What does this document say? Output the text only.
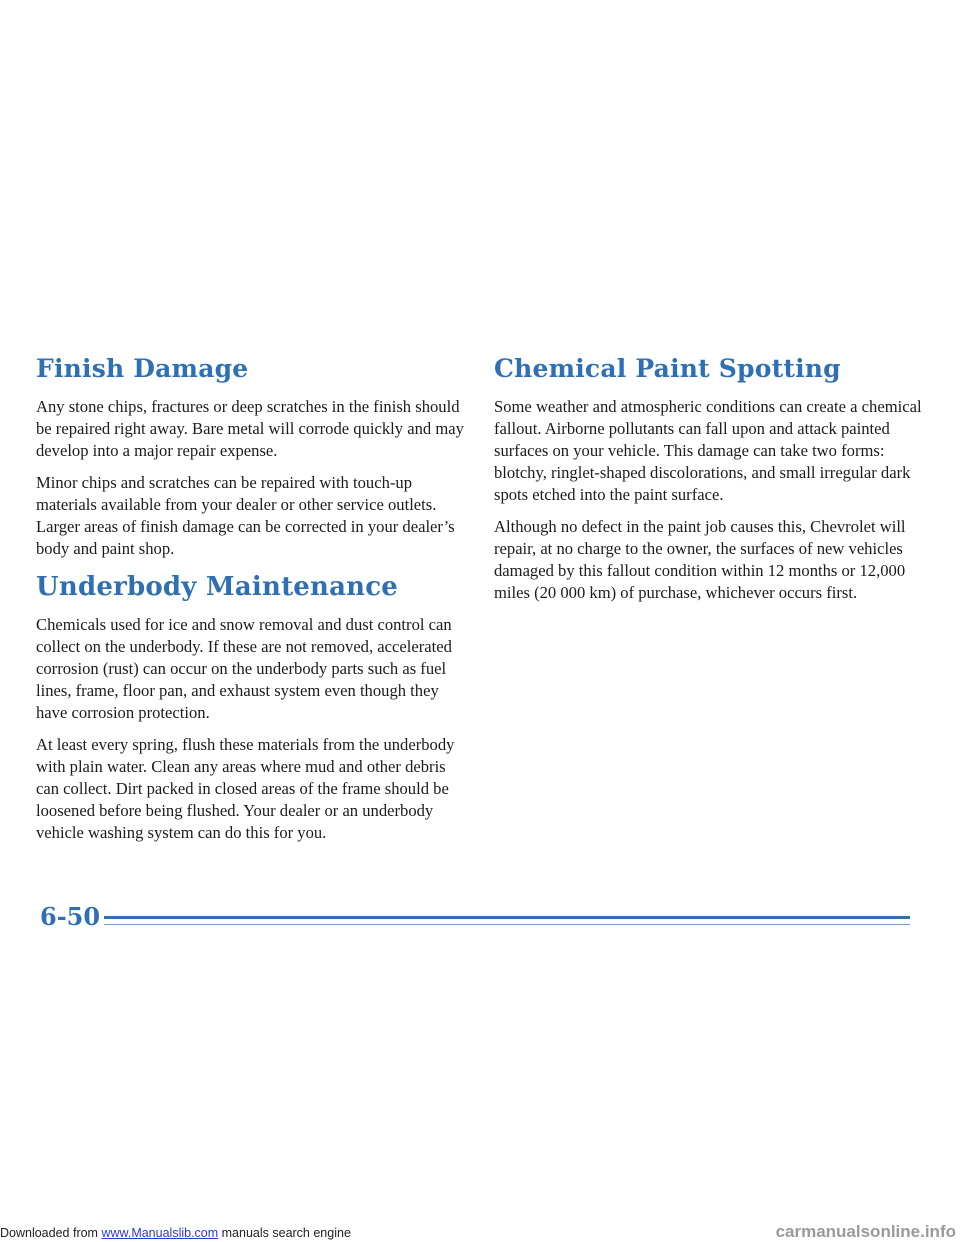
Finish Damage

Any stone chips, fractures or deep scratches in the finish should be repaired right away. Bare metal will corrode quickly and may develop into a major repair expense.

Minor chips and scratches can be repaired with touch-up materials available from your dealer or other service outlets. Larger areas of finish damage can be corrected in your dealer’s body and paint shop.

Underbody Maintenance

Chemicals used for ice and snow removal and dust control can collect on the underbody. If these are not removed, accelerated corrosion (rust) can occur on the underbody parts such as fuel lines, frame, floor pan, and exhaust system even though they have corrosion protection.

At least every spring, flush these materials from the underbody with plain water. Clean any areas where mud and other debris can collect. Dirt packed in closed areas of the frame should be loosened before being flushed. Your dealer or an underbody vehicle washing system can do this for you.

Chemical Paint Spotting

Some weather and atmospheric conditions can create a chemical fallout. Airborne pollutants can fall upon and attack painted surfaces on your vehicle. This damage can take two forms: blotchy, ringlet-shaped discolorations, and small irregular dark spots etched into the paint surface.

Although no defect in the paint job causes this, Chevrolet will repair, at no charge to the owner, the surfaces of new vehicles damaged by this fallout condition within 12 months or 12,000 miles (20 000 km) of purchase, whichever occurs first.

6-50
Downloaded from www.Manualslib.com manuals search engine	carmanualsonline.info
